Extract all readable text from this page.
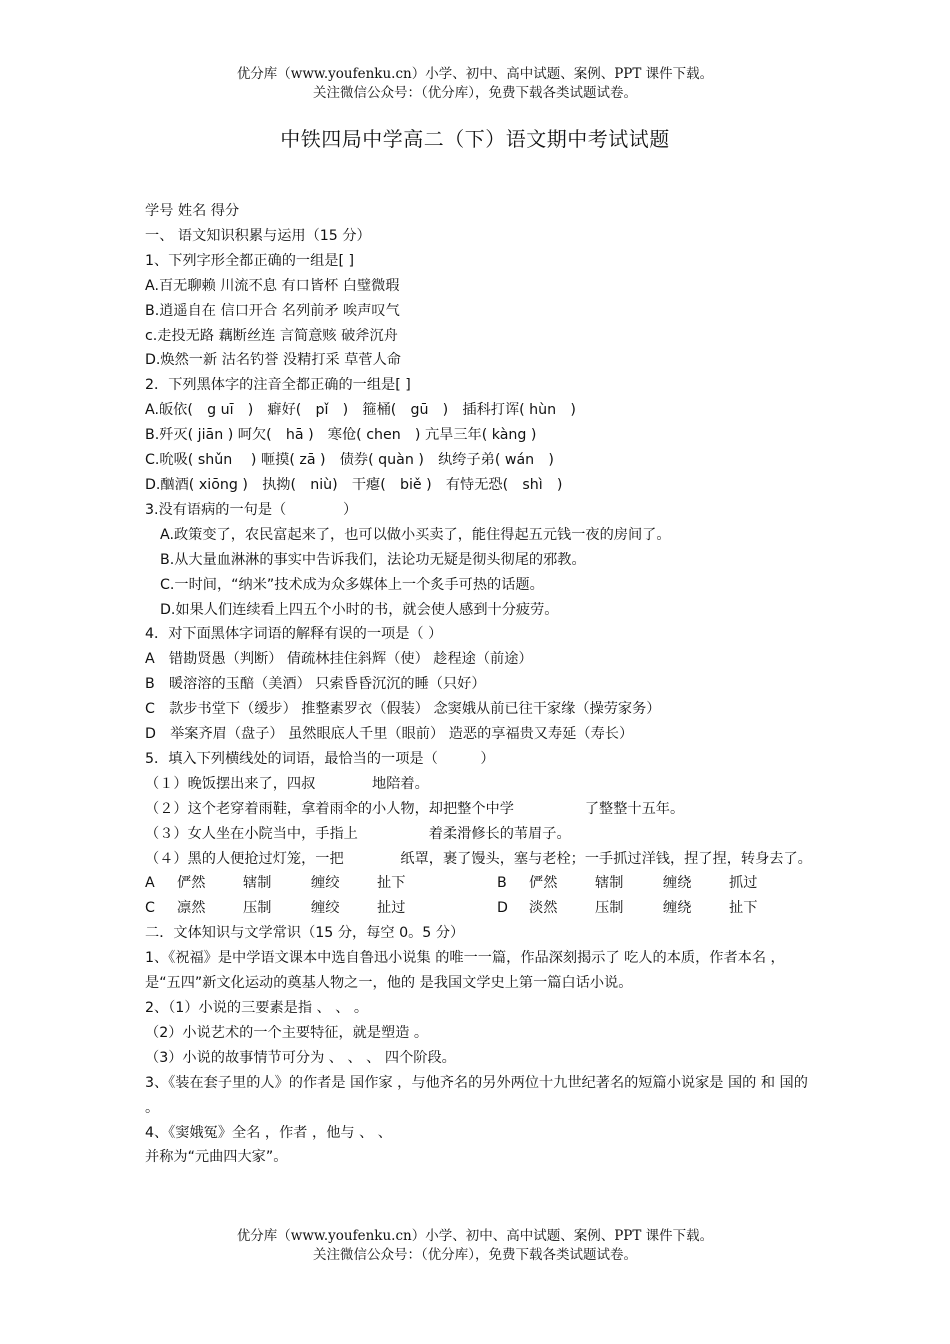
优分库（www.youfenku.cn）小学、初中、高中试题、案例、PPT 课件下载。
关注微信公众号：（优分库），免费下载各类试题试卷。
中铁四局中学高二（下）语文期中考试试题
学号 姓名 得分
一、 语文知识积累与运用（15 分）
1、下列字形全都正确的一组是[ ]
A.百无聊赖 川流不息 有口皆杯 白璧微瑕
B.逍遥自在 信口开合 名列前矛 唉声叹气
c.走投无路 藕断丝连 言简意赅 破斧沉舟
D.焕然一新 沽名钓誉 没精打采 草菅人命
2．下列黑体字的注音全都正确的一组是[ ]
A.皈依(　g uī　)　癖好(　pǐ　)　箍桶(　gū　)　插科打诨( hùn　)
B.歼灭( jiān ) 呵欠(　hā )　寒伧( chen　) 亢旱三年( kàng )
C.吮吸( shǔn　 ) 咂摸( zā )　债券( quàn )　纨绔子弟( wán　)
D.酗酒( xiōng )　执拗(　niù)　干瘪(　biě )　有恃无恐(　shì　)
3.没有语病的一句是（　　　　）
A.政策变了，农民富起来了，也可以做小买卖了，能住得起五元钱一夜的房间了。
B.从大量血淋淋的事实中告诉我们，法论功无疑是彻头彻尾的邪教。
C.一时间，“纳米”技术成为众多媒体上一个炙手可热的话题。
D.如果人们连续看上四五个小时的书，就会使人感到十分疲劳。
4．对下面黑体字词语的解释有误的一项是（ ）
A　错勘贤愚（判断） 倩疏林挂住斜辉（使） 趁程途（前途）
B　暖溶溶的玉醅（美酒） 只索昏昏沉沉的睡（只好）
C　款步书堂下（缓步） 推整素罗衣（假装） 念窦娥从前已往干家缘（操劳家务）
D　举案齐眉（盘子） 虽然眼底人千里（眼前） 造恶的享福贵又寿延（寿长）
5．填入下列横线处的词语，最恰当的一项是（　　　）
（１）晚饭摆出来了，四叔　　　　地陪着。
（２）这个老穿着雨鞋，拿着雨伞的小人物，却把整个中学　　　　　了整整十五年。
（３）女人坐在小院当中，手指上　　　　　着柔滑修长的苇眉子。
（４）黑的人便抢过灯笼，一把　　　　纸罩，裹了馒头，塞与老栓；一手抓过洋钱，捏了捏，转身去了。
A 俨然	辖制	缠绞	扯下	B 俨然	辖制	缠绕	抓过
C 凛然	压制	缠绞	扯过	D 淡然	压制	缠绕	扯下
二．文体知识与文学常识（15 分，每空 0。5 分）
1、《祝福》是中学语文课本中选自鲁迅小说集 的唯一一篇，作品深刻揭示了 吃人的本质，作者本名 ，是“五四”新文化运动的奠基人物之一，他的 是我国文学史上第一篇白话小说。
2、（1）小说的三要素是指 、 、 。
（2）小说艺术的一个主要特征，就是塑造 。
（3）小说的故事情节可分为 、 、 、 四个阶段。
3、《装在套子里的人》的作者是 国作家 ，与他齐名的另外两位十九世纪著名的短篇小说家是 国的 和 国的 。
4、《窦娥冤》全名 ，作者 ，他与 、 、
并称为“元曲四大家”。
优分库（www.youfenku.cn）小学、初中、高中试题、案例、PPT 课件下载。
关注微信公众号：（优分库），免费下载各类试题试卷。
